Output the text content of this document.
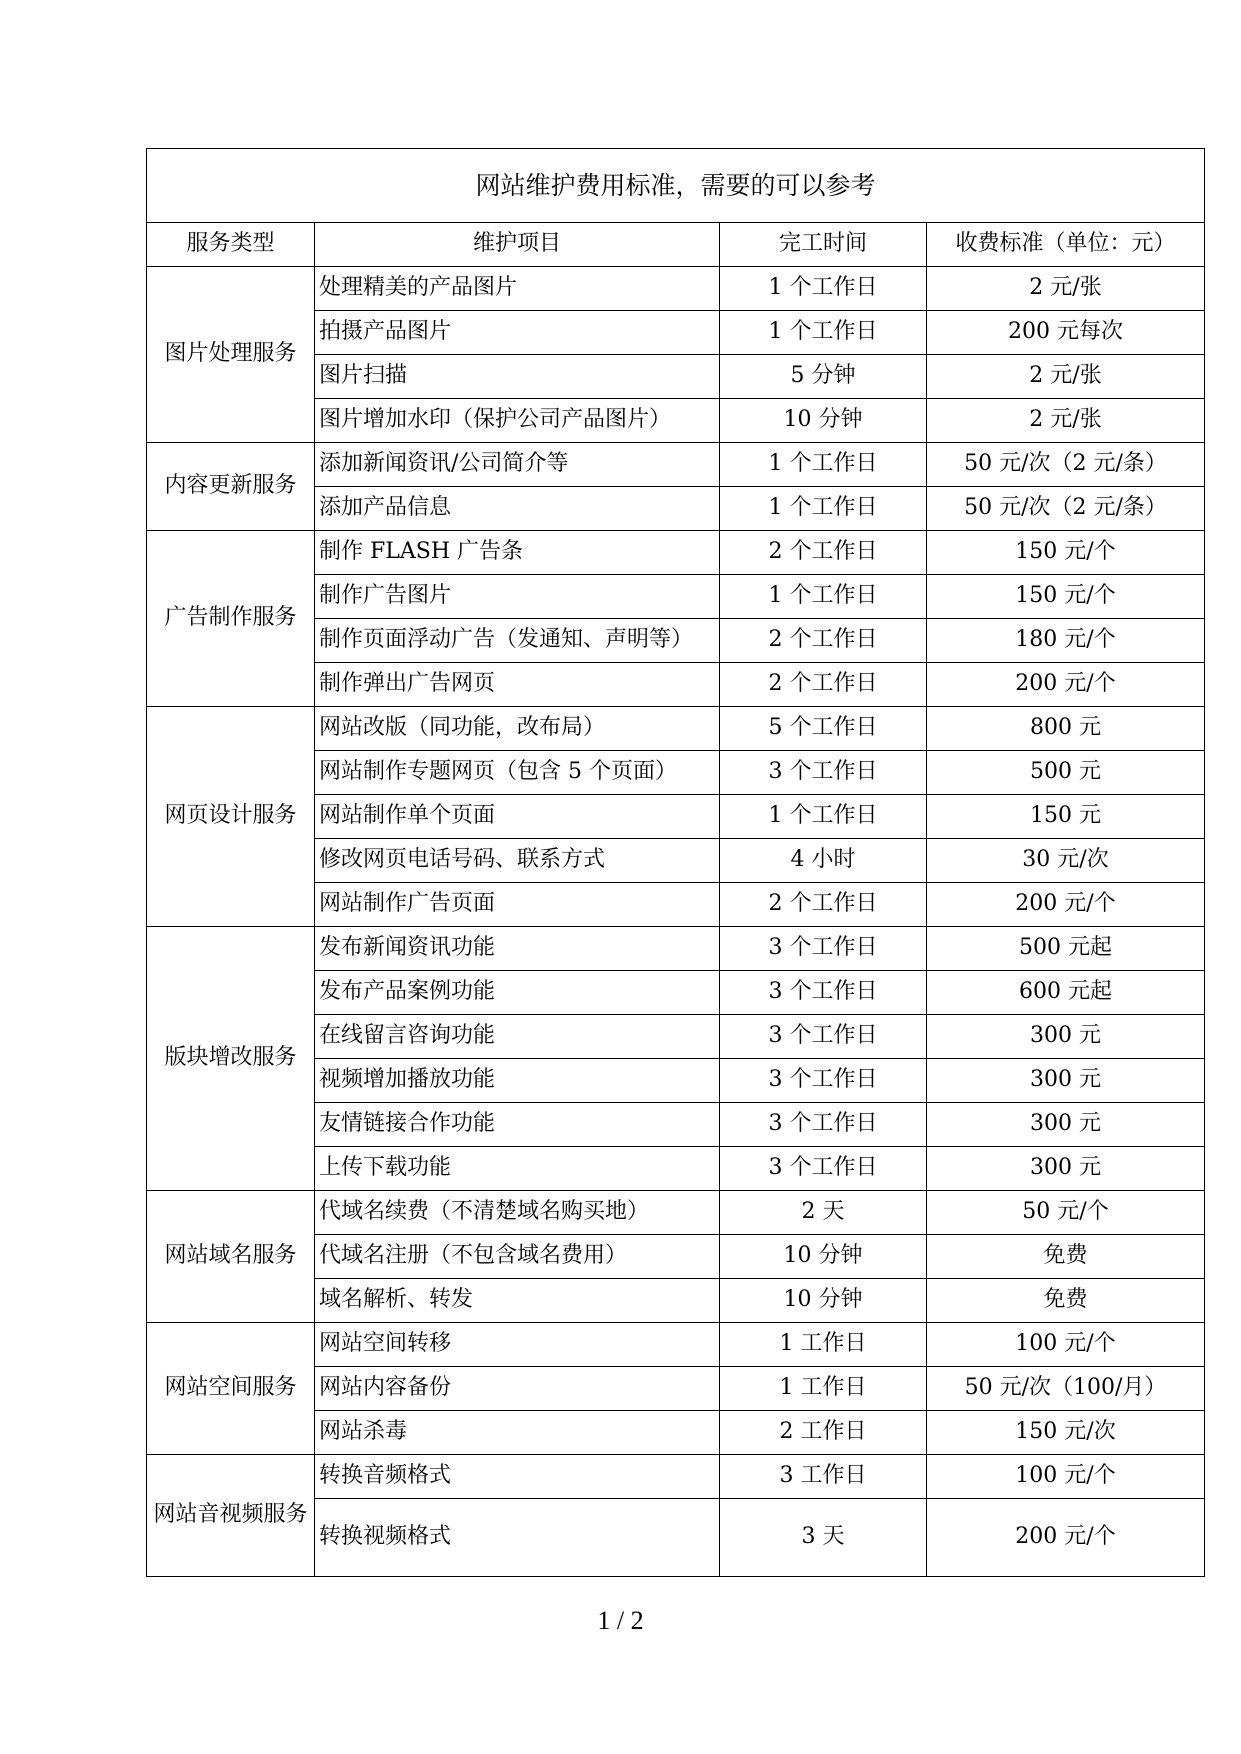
网站维护费用标准，需要的可以参考			
服务类型	维护项目	完工时间	收费标准（单位：元）
图片处理服务	处理精美的产品图片	1 个工作日	2 元/张
	拍摄产品图片	1 个工作日	200 元每次
	图片扫描	5 分钟	2 元/张
	图片增加水印（保护公司产品图片）	10 分钟	2 元/张
内容更新服务	添加新闻资讯/公司简介等	1 个工作日	50 元/次（2 元/条）
	添加产品信息	1 个工作日	50 元/次（2 元/条）
广告制作服务	制作 FLASH 广告条	2 个工作日	150 元/个
	制作广告图片	1 个工作日	150 元/个
	制作页面浮动广告（发通知、声明等）	2 个工作日	180 元/个
	制作弹出广告网页	2 个工作日	200 元/个
网页设计服务	网站改版（同功能，改布局）	5 个工作日	800 元
	网站制作专题网页（包含 5 个页面）	3 个工作日	500 元
	网站制作单个页面	1 个工作日	150 元
	修改网页电话号码、联系方式	4 小时	30 元/次
	网站制作广告页面	2 个工作日	200 元/个
版块增改服务	发布新闻资讯功能	3 个工作日	500 元起
	发布产品案例功能	3 个工作日	600 元起
	在线留言咨询功能	3 个工作日	300 元
	视频增加播放功能	3 个工作日	300 元
	友情链接合作功能	3 个工作日	300 元
	上传下载功能	3 个工作日	300 元
网站域名服务	代域名续费（不清楚域名购买地）	2 天	50 元/个
	代域名注册（不包含域名费用）	10 分钟	免费
	域名解析、转发	10 分钟	免费
网站空间服务	网站空间转移	1 工作日	100 元/个
	网站内容备份	1 工作日	50 元/次（100/月）
	网站杀毒	2 工作日	150 元/次
网站音视频服务	转换音频格式	3 工作日	100 元/个
	转换视频格式	3 天	200 元/个
1 / 2
